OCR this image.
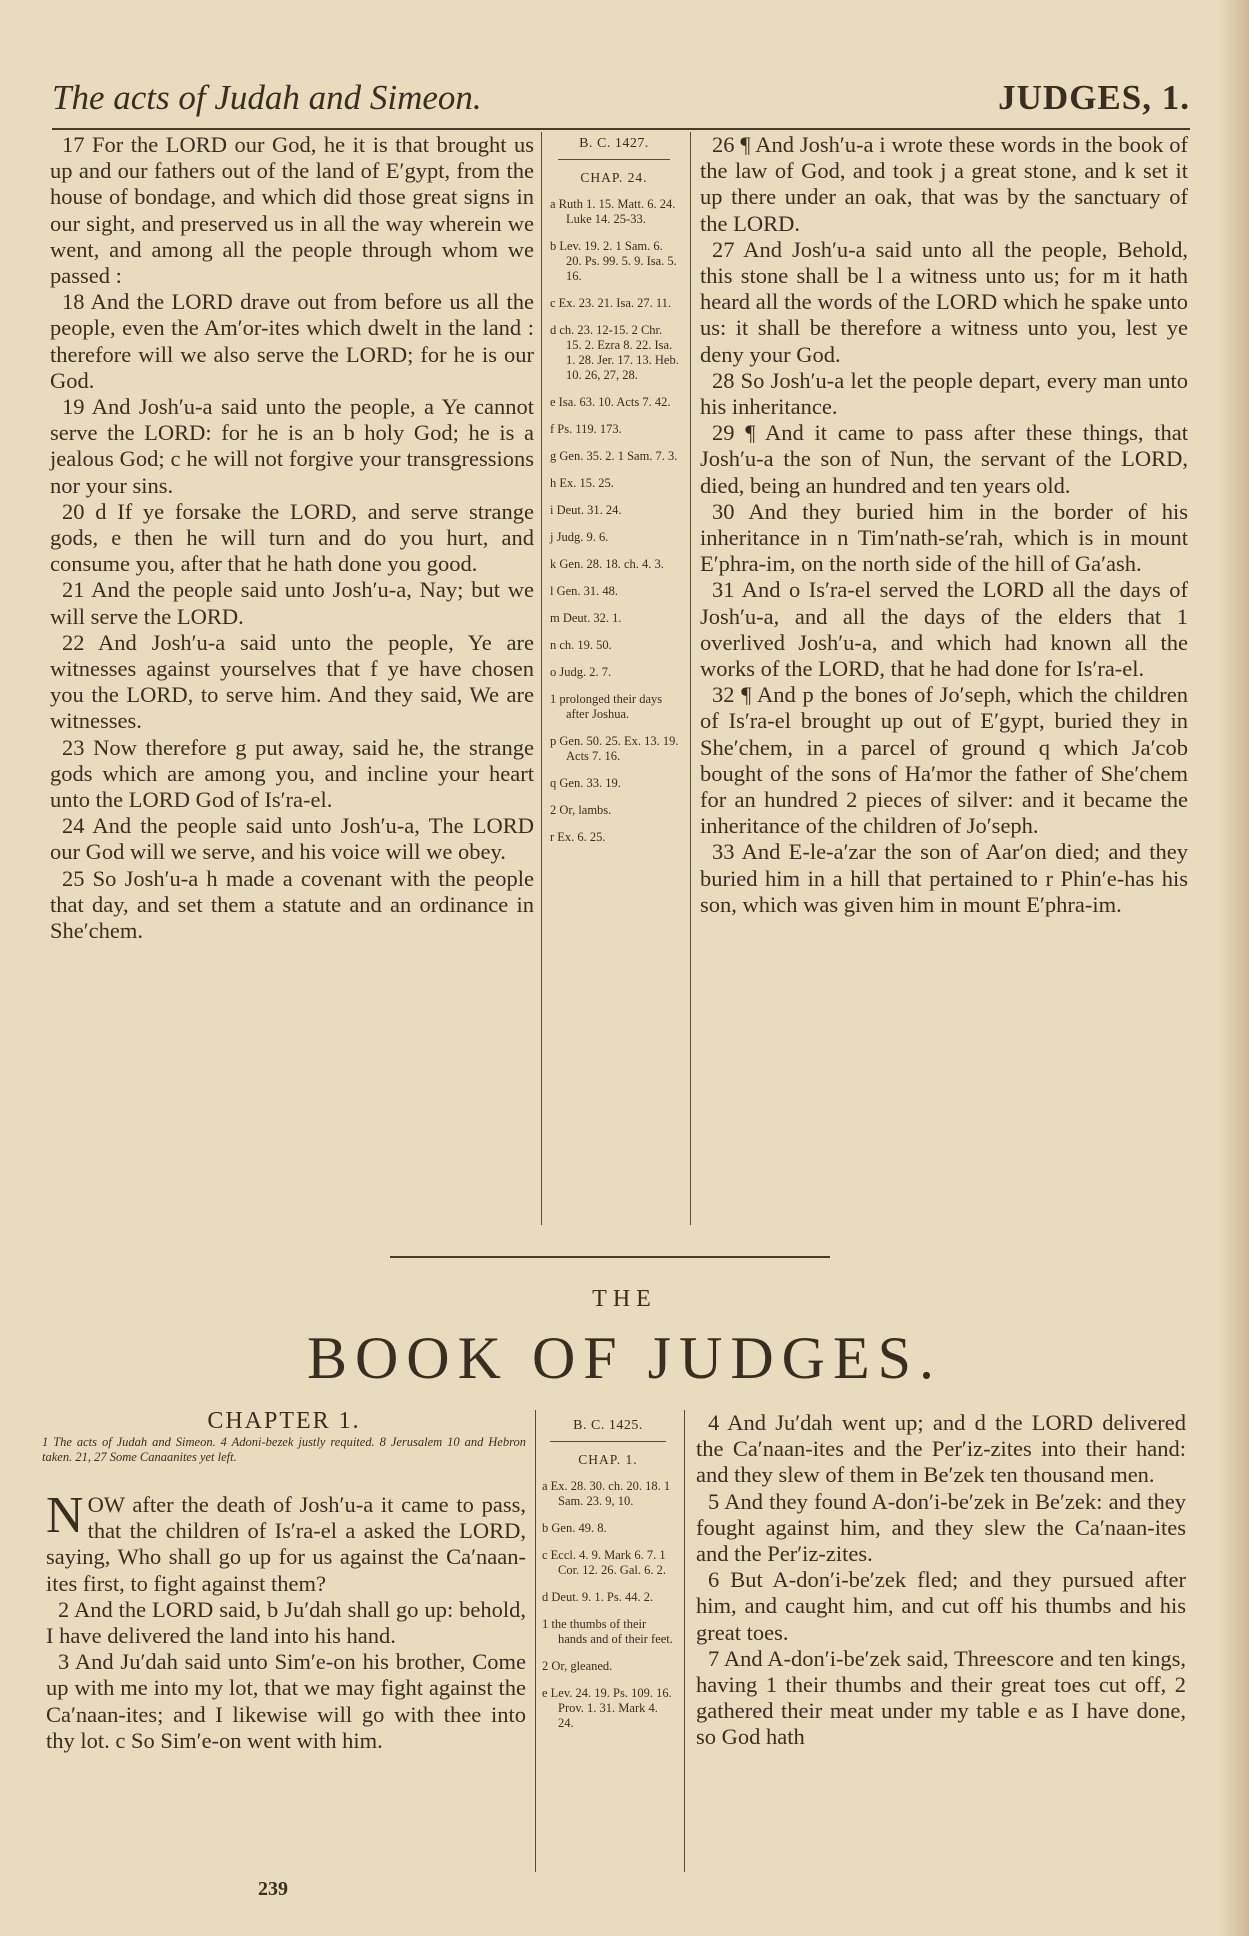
The acts of Judah and Simeon.	JUDGES, 1.

17 For the LORD our God, he it is that brought us up and our fathers out of the land of E′gypt, from the house of bondage, and which did those great signs in our sight, and preserved us in all the way wherein we went, and among all the people through whom we passed :

18 And the LORD drave out from before us all the people, even the Am′or-ites which dwelt in the land : therefore will we also serve the LORD; for he is our God.

19 And Josh′u-a said unto the people, a Ye cannot serve the LORD: for he is an b holy God; he is a jealous God; c he will not forgive your transgressions nor your sins.

20 d If ye forsake the LORD, and serve strange gods, e then he will turn and do you hurt, and consume you, after that he hath done you good.

21 And the people said unto Josh′u-a, Nay; but we will serve the LORD.

22 And Josh′u-a said unto the people, Ye are witnesses against yourselves that f ye have chosen you the LORD, to serve him. And they said, We are witnesses.

23 Now therefore g put away, said he, the strange gods which are among you, and incline your heart unto the LORD God of Is′ra-el.

24 And the people said unto Josh′u-a, The LORD our God will we serve, and his voice will we obey.

25 So Josh′u-a h made a covenant with the people that day, and set them a statute and an ordinance in She′chem.

B. C. 1427.
CHAP. 24.
a Ruth 1. 15. Matt. 6. 24. Luke 14. 25-33.
b Lev. 19. 2. 1 Sam. 6. 20. Ps. 99. 5. 9. Isa. 5. 16.
c Ex. 23. 21. Isa. 27. 11.
d ch. 23. 12-15. 2 Chr. 15. 2. Ezra 8. 22. Isa. 1. 28. Jer. 17. 13. Heb. 10. 26, 27, 28.
e Isa. 63. 10. Acts 7. 42.
f Ps. 119. 173.
g Gen. 35. 2. 1 Sam. 7. 3.
h Ex. 15. 25.
i Deut. 31. 24.
j Judg. 9. 6.
k Gen. 28. 18. ch. 4. 3.
l Gen. 31. 48.
m Deut. 32. 1.
n ch. 19. 50.
o Judg. 2. 7.
1 prolonged their days after Joshua.
p Gen. 50. 25. Ex. 13. 19. Acts 7. 16.
q Gen. 33. 19.
2 Or, lambs.
r Ex. 6. 25.

26 ¶ And Josh′u-a i wrote these words in the book of the law of God, and took j a great stone, and k set it up there under an oak, that was by the sanctuary of the LORD.

27 And Josh′u-a said unto all the people, Behold, this stone shall be l a witness unto us; for m it hath heard all the words of the LORD which he spake unto us: it shall be therefore a witness unto you, lest ye deny your God.

28 So Josh′u-a let the people depart, every man unto his inheritance.

29 ¶ And it came to pass after these things, that Josh′u-a the son of Nun, the servant of the LORD, died, being an hundred and ten years old.

30 And they buried him in the border of his inheritance in n Tim′nath-se′rah, which is in mount E′phra-im, on the north side of the hill of Ga′ash.

31 And o Is′ra-el served the LORD all the days of Josh′u-a, and all the days of the elders that 1 overlived Josh′u-a, and which had known all the works of the LORD, that he had done for Is′ra-el.

32 ¶ And p the bones of Jo′seph, which the children of Is′ra-el brought up out of E′gypt, buried they in She′chem, in a parcel of ground q which Ja′cob bought of the sons of Ha′mor the father of She′chem for an hundred 2 pieces of silver: and it became the inheritance of the children of Jo′seph.

33 And E-le-a′zar the son of Aar′on died; and they buried him in a hill that pertained to r Phin′e-has his son, which was given him in mount E′phra-im.

THE
BOOK OF JUDGES.
CHAPTER 1.
1 The acts of Judah and Simeon. 4 Adoni-bezek justly requited. 8 Jerusalem 10 and Hebron taken. 21, 27 Some Canaanites yet left.

NOW after the death of Josh′u-a it came to pass, that the children of Is′ra-el a asked the LORD, saying, Who shall go up for us against the Ca′naan-ites first, to fight against them?

2 And the LORD said, b Ju′dah shall go up: behold, I have delivered the land into his hand.

3 And Ju′dah said unto Sim′e-on his brother, Come up with me into my lot, that we may fight against the Ca′naan-ites; and I likewise will go with thee into thy lot. c So Sim′e-on went with him.

B. C. 1425.
CHAP. 1.
a Ex. 28. 30. ch. 20. 18. 1 Sam. 23. 9, 10.
b Gen. 49. 8.
c Eccl. 4. 9. Mark 6. 7. 1 Cor. 12. 26. Gal. 6. 2.
d Deut. 9. 1. Ps. 44. 2.
1 the thumbs of their hands and of their feet.
2 Or, gleaned.
e Lev. 24. 19. Ps. 109. 16. Prov. 1. 31. Mark 4. 24.

4 And Ju′dah went up; and d the LORD delivered the Ca′naan-ites and the Per′iz-zites into their hand: and they slew of them in Be′zek ten thousand men.

5 And they found A-don′i-be′zek in Be′zek: and they fought against him, and they slew the Ca′naan-ites and the Per′iz-zites.

6 But A-don′i-be′zek fled; and they pursued after him, and caught him, and cut off his thumbs and his great toes.

7 And A-don′i-be′zek said, Threescore and ten kings, having 1 their thumbs and their great toes cut off, 2 gathered their meat under my table e as I have done, so God hath

239
